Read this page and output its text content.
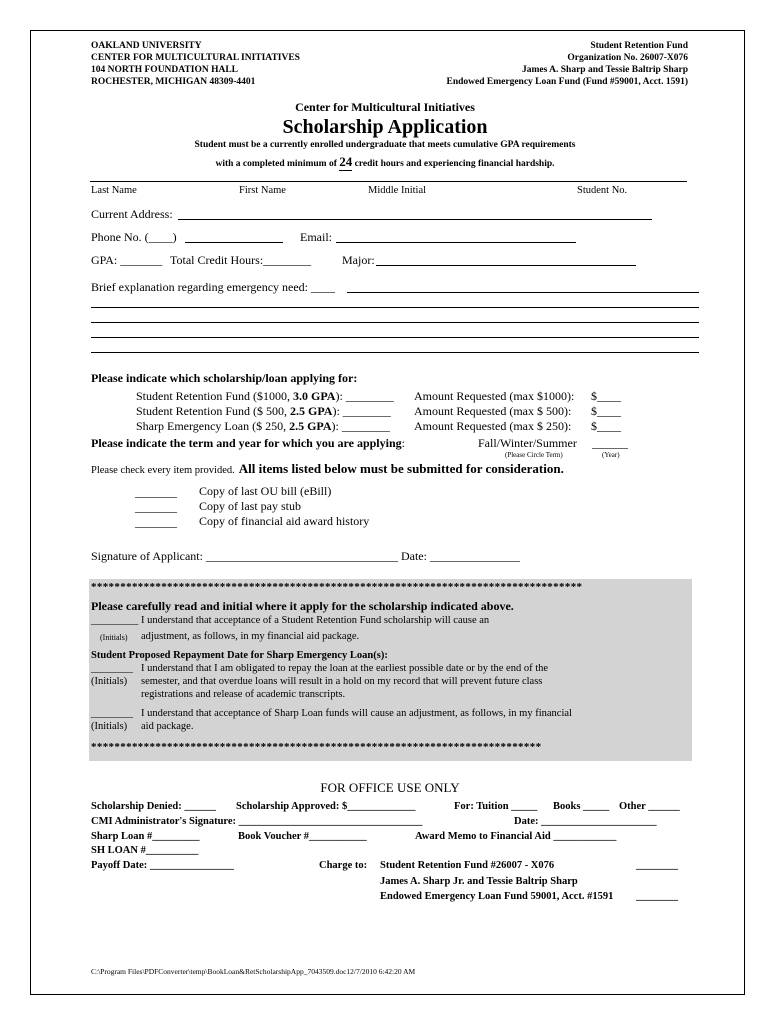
OAKLAND UNIVERSITY
CENTER FOR MULTICULTURAL INITIATIVES
104 NORTH FOUNDATION HALL
ROCHESTER, MICHIGAN 48309-4401
Student Retention Fund
Organization No. 26007-X076
James A. Sharp and Tessie Baltrip Sharp
Endowed Emergency Loan Fund (Fund #59001, Acct. 1591)
Center for Multicultural Initiatives
Scholarship Application
Student must be a currently enrolled undergraduate that meets cumulative GPA requirements
with a completed minimum of 24 credit hours and experiencing financial hardship.
Last Name	First Name	Middle Initial	Student No.
Current Address:
Phone No. (____)	Email:
GPA: _______ Total Credit Hours:________	Major:
Brief explanation regarding emergency need: ____
Please indicate which scholarship/loan applying for:
Student Retention Fund ($1000, 3.0 GPA): ________ Amount Requested (max $1000): $____
Student Retention Fund ($ 500, 2.5 GPA): ________ Amount Requested (max $ 500): $____
Sharp Emergency Loan ($ 250, 2.5 GPA): ________ Amount Requested (max $ 250): $____
Please indicate the term and year for which you are applying:	Fall/Winter/Summer ______
(Please Circle Term)	(Year)
Please check every item provided. All items listed below must be submitted for consideration.
_______ Copy of last OU bill (eBill)
_______ Copy of last pay stub
_______ Copy of financial aid award history
Signature of Applicant: ________________________________ Date: _______________
************************************************************************************
Please carefully read and initial where it apply for the scholarship indicated above.
_________ I understand that acceptance of a Student Retention Fund scholarship will cause an
(Initials) adjustment, as follows, in my financial aid package.
Student Proposed Repayment Date for Sharp Emergency Loan(s):
________ I understand that I am obligated to repay the loan at the earliest possible date or by the end of the
(Initials) semester, and that overdue loans will result in a hold on my record that will prevent future class
registrations and release of academic transcripts.
________ I understand that acceptance of Sharp Loan funds will cause an adjustment, as follows, in my financial
(Initials) aid package.
*****************************************************************************
FOR OFFICE USE ONLY
Scholarship Denied: ______ Scholarship Approved: $_____________	For: Tuition _____ Books _____ Other ______
CMI Administrator's Signature: ___________________________________	Date: ______________________
Sharp Loan #_________	Book Voucher #___________	Award Memo to Financial Aid ____________
SH LOAN #__________
Payoff Date: ________________	Charge to: Student Retention Fund #26007 - X076	________
James A. Sharp Jr. and Tessie Baltrip Sharp
Endowed Emergency Loan Fund 59001, Acct. #1591 ________
C:\Program Files\PDFConverter\temp\BookLoan&RetScholarshipApp_7043509.doc12/7/2010 6:42:20 AM
